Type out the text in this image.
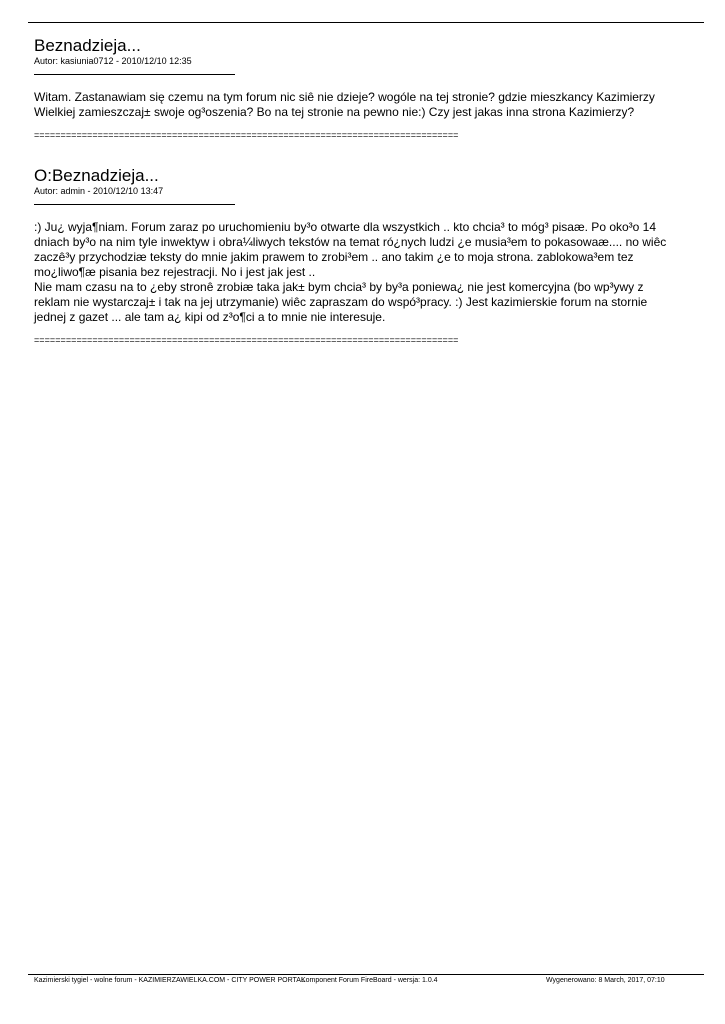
Beznadzieja...

Autor: kasiunia0712 - 2010/12/10 12:35

Witam. Zastanawiam się czemu na tym forum nic siê nie dzieje? wogóle na tej stronie? gdzie mieszkancy Kazimierzy
Wielkiej zamieszczaj± swoje og³oszenia? Bo na tej stronie na pewno nie:) Czy jest jakas inna strona Kazimierzy?
================================================================================
O:Beznadzieja...

Autor: admin - 2010/12/10 13:47

:) Ju¿ wyja¶niam. Forum zaraz po uruchomieniu by³o otwarte dla wszystkich .. kto chcia³ to móg³ pisaæ. Po oko³o 14
dniach by³o na nim tyle inwektyw i obra¼liwych tekstów na temat ró¿nych ludzi ¿e musia³em to pokasowaæ.... no wiêc
zaczê³y przychodziæ teksty do mnie jakim prawem to zrobi³em .. ano takim ¿e to moja strona. zablokowa³em tez
mo¿liwo¶æ pisania bez rejestracji. No i jest jak jest ..
Nie mam czasu na to ¿eby stronê zrobiæ taka jak± bym chcia³ by by³a poniewa¿ nie jest komercyjna (bo wp³ywy z
reklam nie wystarczaj± i tak na jej utrzymanie) wiêc zapraszam do wspó³pracy. :) Jest kazimierskie forum na stornie
jednej z gazet ... ale tam a¿ kipi od z³o¶ci a to mnie nie interesuje.
================================================================================
Kazimierski tygiel - wolne forum - KAZIMIERZAWIELKA.COM - CITY POWER PORTAL
Komponent Forum FireBoard - wersja: 1.0.4	Wygenerowano: 8 March, 2017, 07:10
